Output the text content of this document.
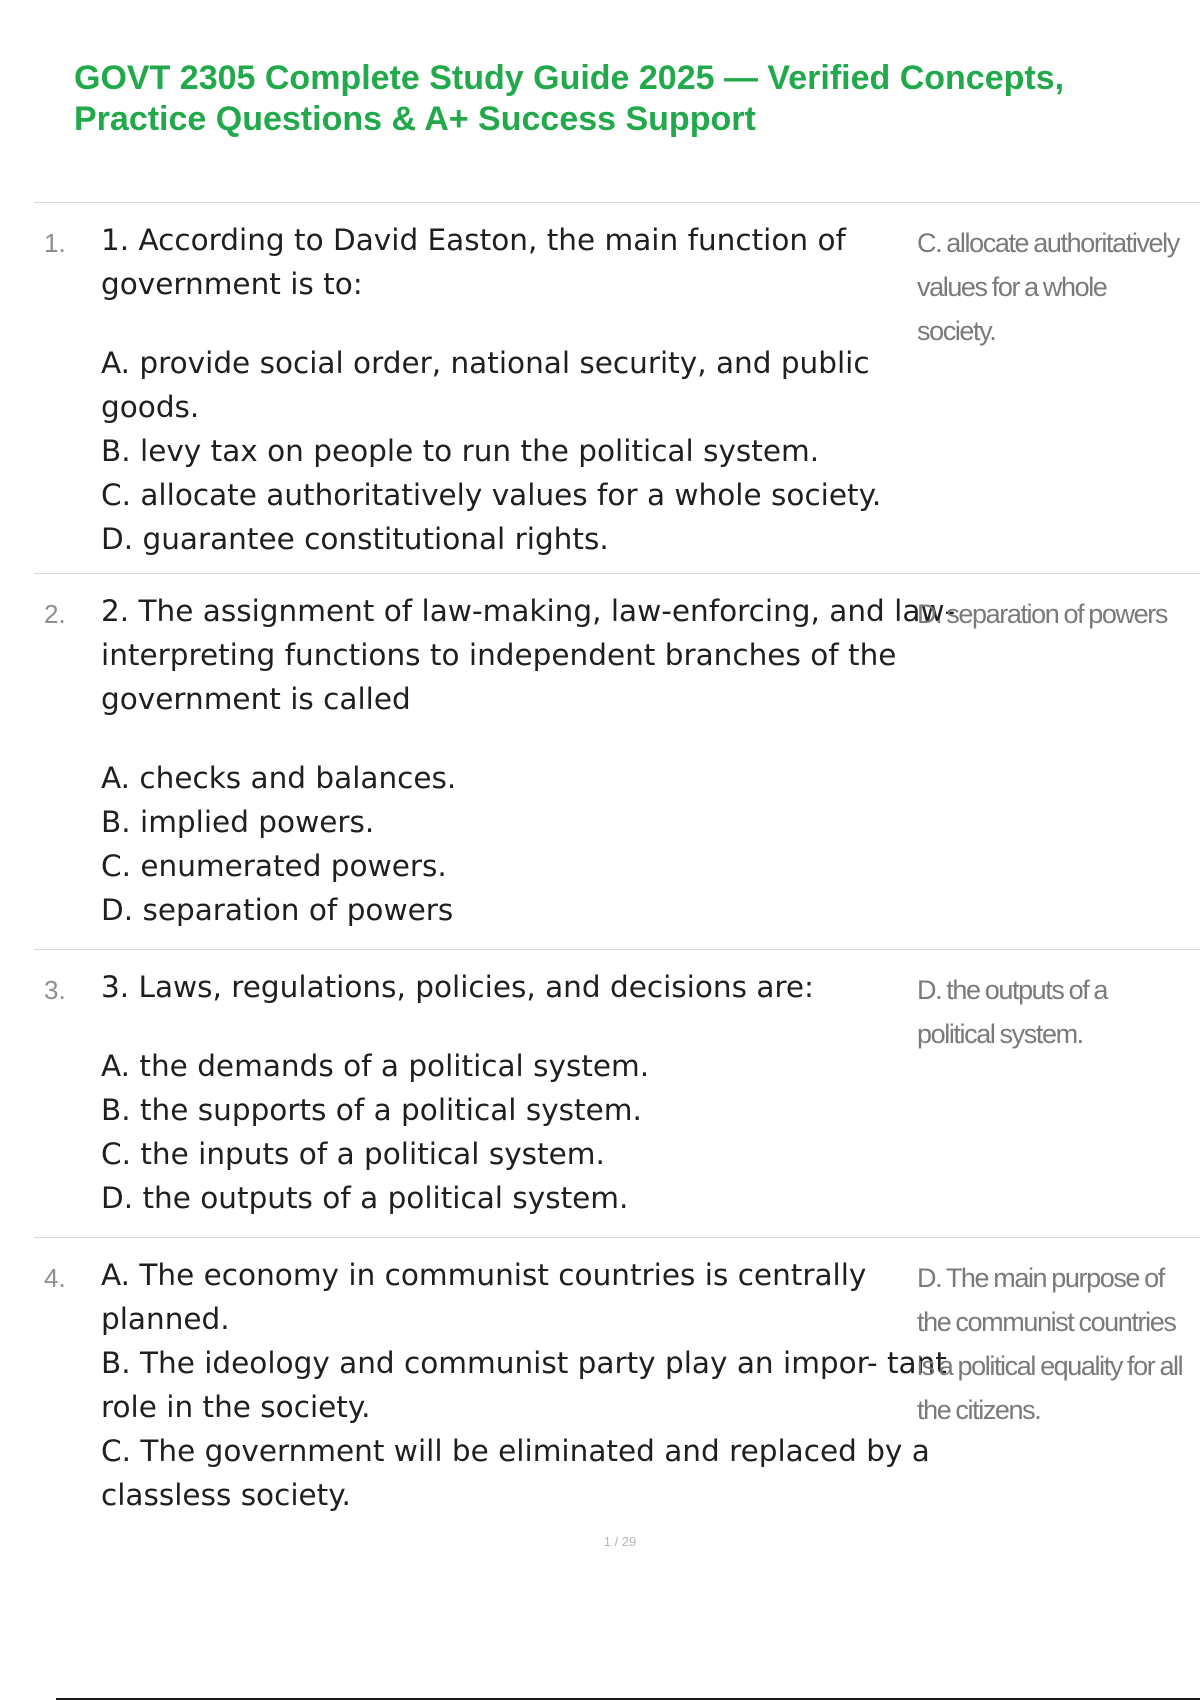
GOVT 2305 Complete Study Guide 2025 — Verified Concepts, Practice Questions & A+ Success Support
1. 1. According to David Easton, the main function of government is to:
A. provide social order, national security, and public goods.
B. levy tax on people to run the political system.
C. allocate authoritatively values for a whole society.
D. guarantee constitutional rights.
C. allocate authoritatively values for a whole society.
2. 2. The assignment of law-making, law-enforcing, and law-interpreting functions to independent branches of the government is called
A. checks and balances.
B. implied powers.
C. enumerated powers.
D. separation of powers
D. separation of powers
3. 3. Laws, regulations, policies, and decisions are:
A. the demands of a political system.
B. the supports of a political system.
C. the inputs of a political system.
D. the outputs of a political system.
D. the outputs of a political system.
4. A. The economy in communist countries is centrally planned.
B. The ideology and communist party play an impor- tant role in the society.
C. The government will be eliminated and replaced by a classless society.
D. The main purpose of the communist countries is a political equality for all the citizens.
1 / 29
